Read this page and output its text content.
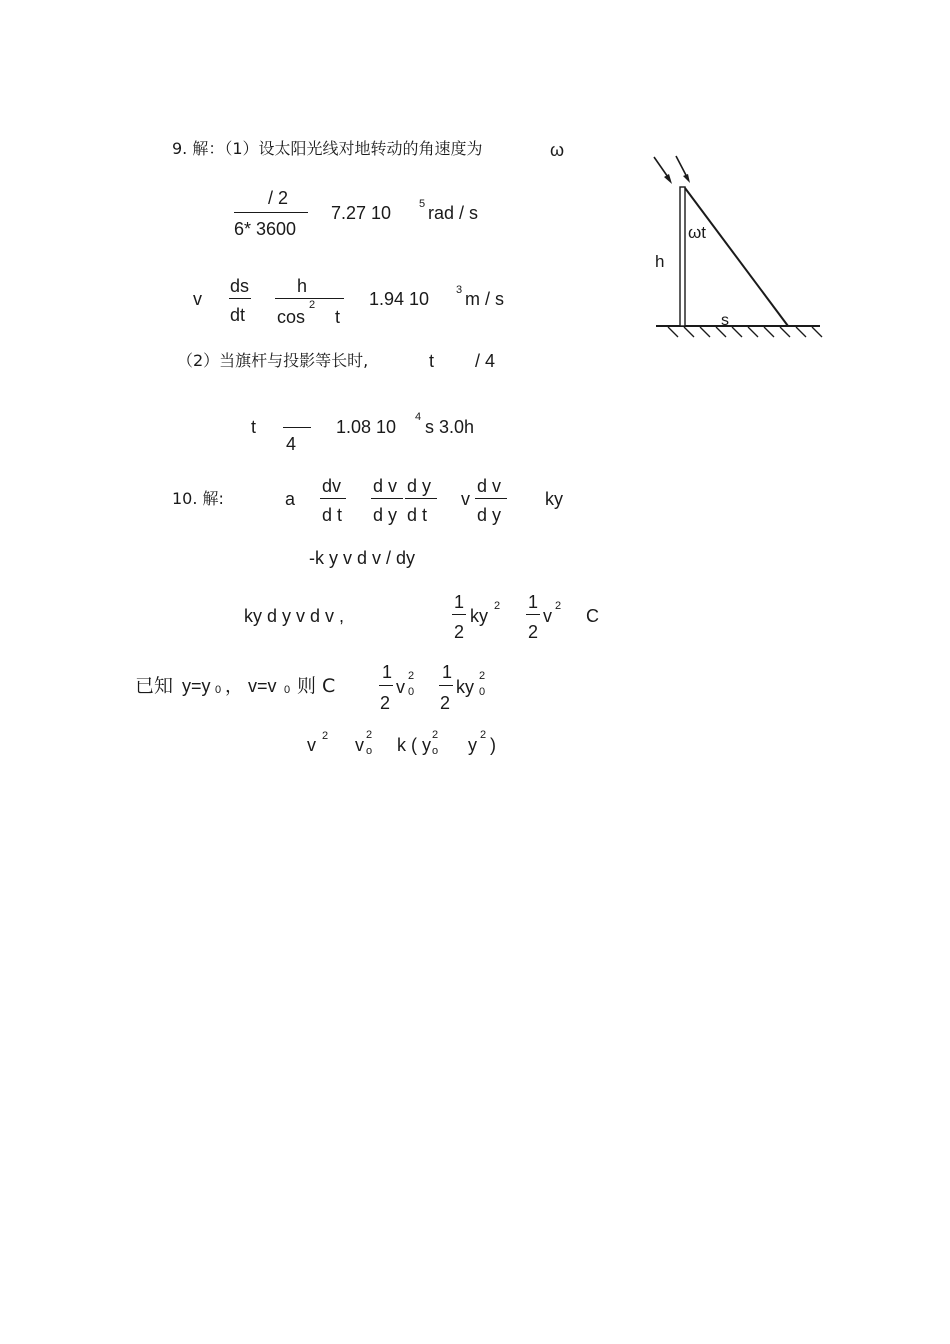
9. 解：（1）设太阳光线对地转动的角速度为	ω
/ 2
6* 3600
7.27 10	5 rad / s
v
ds
dt
h
cos
2
t
1.94 10 3 m / s
（2）当旗杆与投影等长时,	t / 4
t
4
1.08 10 4 s 3.0h
ωt
h
s
10. 解:	a
dv
d t
d v
d y
d y
d t
v
d v
d y
ky
-k y v d v / dy
ky d y v d v ,
1
2
ky 2 1
2
v 2 C
已知 y=y 0 ， v=v 0 则 C
1
2
v
2
0
1
2
ky
2
0
v 2 v 2
o k ( y 2
o y 2 )
